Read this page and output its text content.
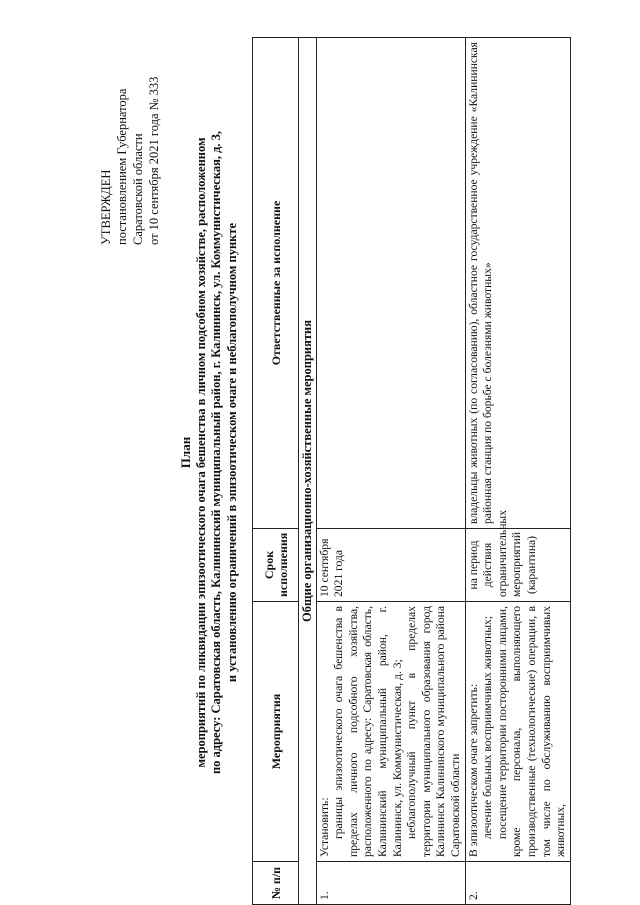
УТВЕРЖДЕН постановлением Губернатора Саратовской области от 10 сентября 2021 года № 333
План мероприятий по ликвидации эпизоотического очага бешенства в личном подсобном хозяйстве, расположенном по адресу: Саратовская область, Калининский муниципальный район, г. Калининск, ул. Коммунистическая, д. 3, и установлению ограничений в эпизоотическом очаге и неблагополучном пункте
№ п/п	Мероприятия	Срок исполнения	Ответственные за исполнение
Общие организационно-хозяйственные мероприятия			
1.	Установить: границы эпизоотического очага бешенства в пределах личного подсобного хозяйства, расположенного по адресу: Саратовская область, Калининский муниципальный район, г. Калининск, ул. Коммунистическая, д. 3; неблагополучный пункт в пределах территории муниципального образования город Калининск Калининского муниципального района Саратовской области	10 сентября 2021 года	
2.	В эпизоотическом очаге запретить: лечение больных восприимчивых животных; посещение территории посторонними лицами, кроме персонала, выполняющего производственные (технологические) операции, в том числе по обслуживанию восприимчивых животных,	на период действия ограничительных мероприятий (карантина)	владельцы животных (по согласованию), областное государственное учреждение «Калининская районная станция по борьбе с болезнями животных»
